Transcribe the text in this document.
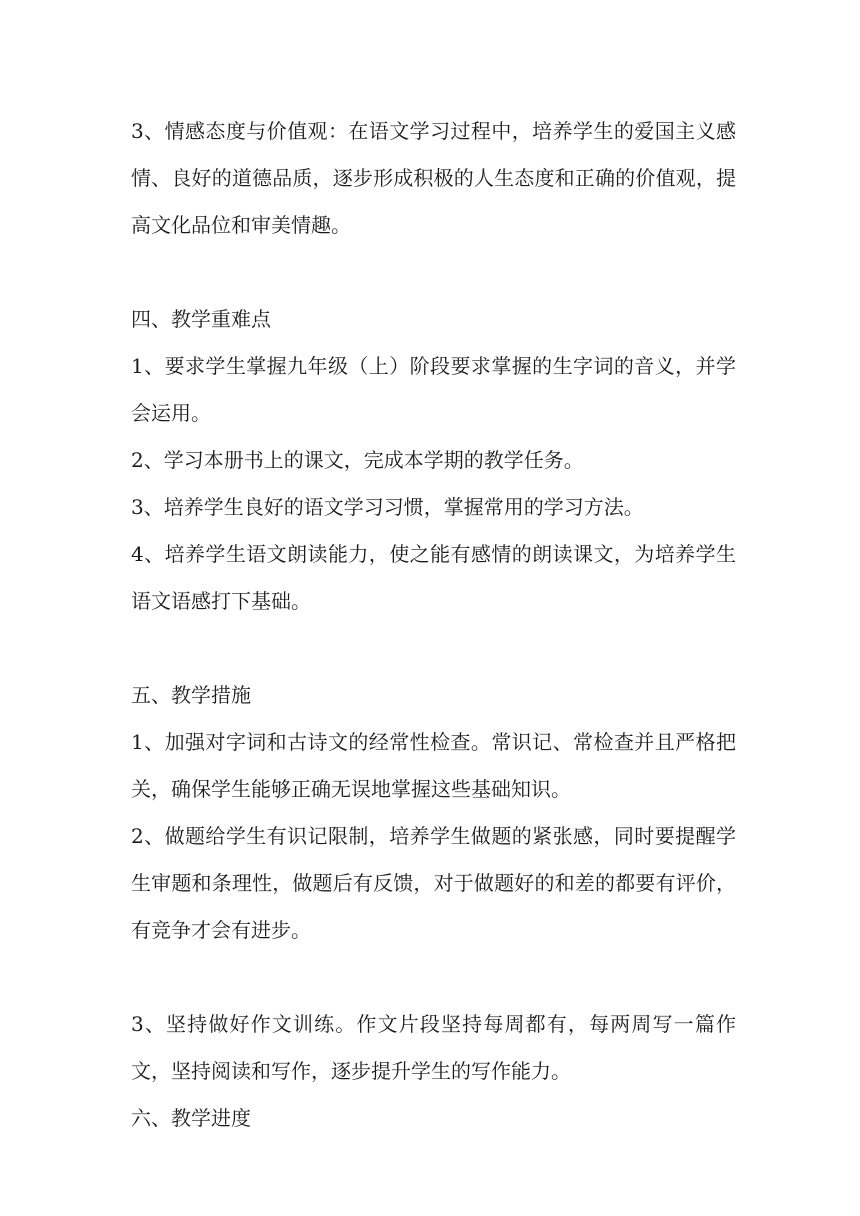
3、情感态度与价值观：在语文学习过程中，培养学生的爱国主义感情、良好的道德品质，逐步形成积极的人生态度和正确的价值观，提高文化品位和审美情趣。

四、教学重难点

1、要求学生掌握九年级（上）阶段要求掌握的生字词的音义，并学会运用。

2、学习本册书上的课文，完成本学期的教学任务。

3、培养学生良好的语文学习习惯，掌握常用的学习方法。

4、培养学生语文朗读能力，使之能有感情的朗读课文，为培养学生语文语感打下基础。

五、教学措施

1、加强对字词和古诗文的经常性检查。常识记、常检查并且严格把关，确保学生能够正确无误地掌握这些基础知识。

2、做题给学生有识记限制，培养学生做题的紧张感，同时要提醒学生审题和条理性，做题后有反馈，对于做题好的和差的都要有评价，有竞争才会有进步。

3、坚持做好作文训练。作文片段坚持每周都有，每两周写一篇作文，坚持阅读和写作，逐步提升学生的写作能力。

六、教学进度
